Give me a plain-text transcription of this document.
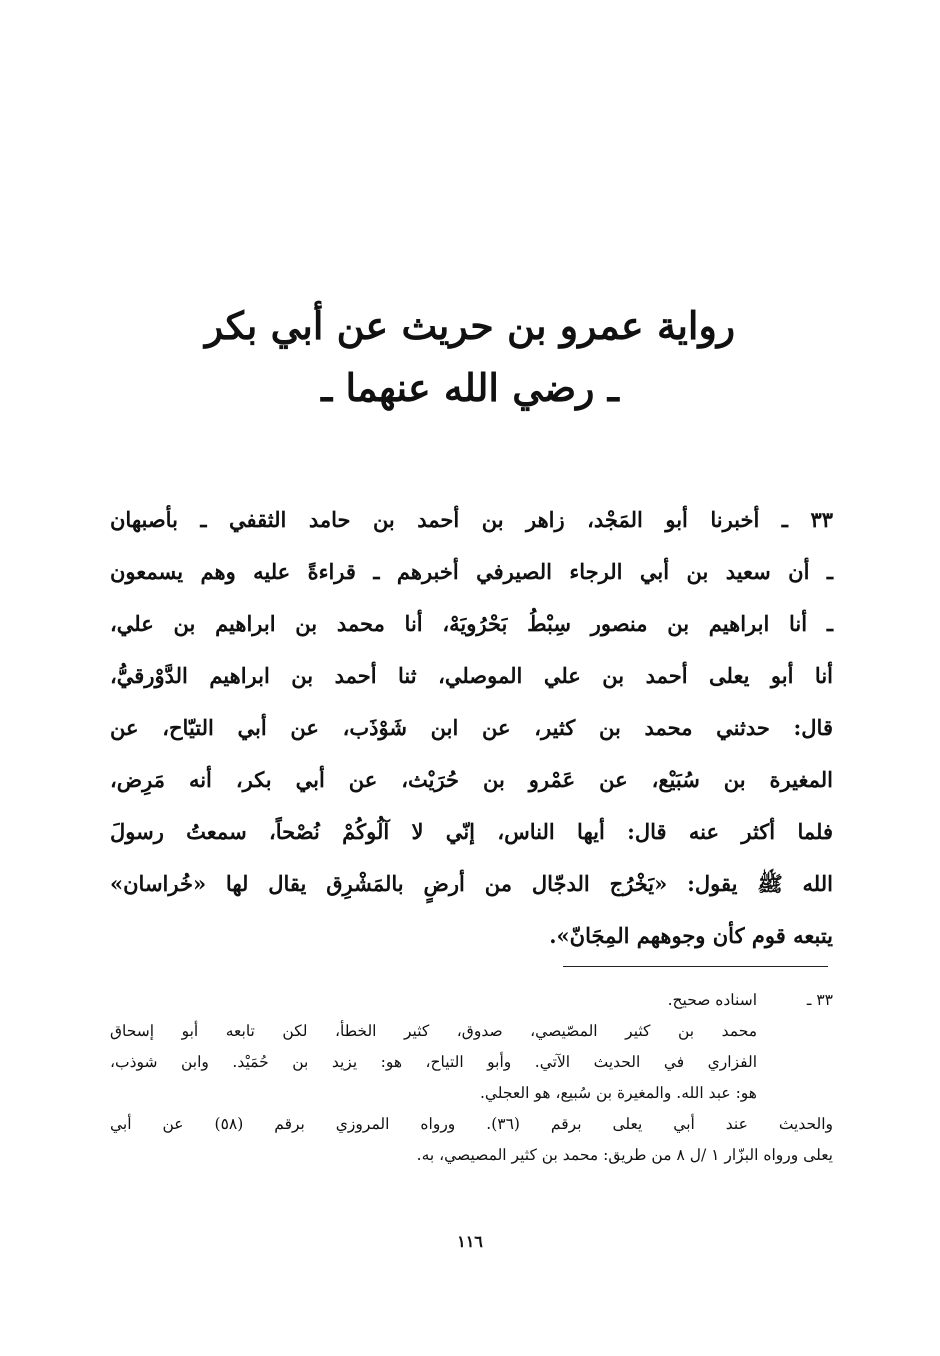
رواية عمرو بن حريث عن أبي بكر
ـ رضي الله عنهما ـ
٣٣ ـ أخبرنا أبو المَجْد، زاهر بن أحمد بن حامد الثقفي ـ بأصبهان
ـ أن سعيد بن أبي الرجاء الصيرفي أخبرهم ـ قراءةً عليه وهم يسمعون
ـ أنا ابراهيم بن منصور سِبْطُ بَحْرُويَهْ، أنا محمد بن ابراهيم بن علي،
أنا أبو يعلى أحمد بن علي الموصلي، ثنا أحمد بن ابراهيم الدَّوْرقيُّ،
قال: حدثني محمد بن كثير، عن ابن شَوْذَب، عن أبي التيّاح، عن
المغيرة بن سُبَيْع، عن عَمْرو بن حُرَيْث، عن أبي بكر، أنه مَرِض،
فلما أكثر عنه قال: أيها الناس، إنّي لا آلُوكُمْ نُصْحاً، سمعتُ رسولَ
الله ﷺ يقول: «يَخْرُج الدجّال من أرضٍ بالمَشْرِق يقال لها «خُراسان»
يتبعه قوم كأن وجوههم المِجَانّ».
٣٣ ـاسناده صحيح.
محمد بن كثير المصّيصي، صدوق، كثير الخطأ، لكن تابعه أبو إسحاق
الفزاري في الحديث الآتي. وأبو التياح، هو: يزيد بن حُمَيْد. وابن شوذب،
هو: عبد الله. والمغيرة بن سُبيع، هو العجلي.
والحديث عند أبي يعلى برقم (٣٦). ورواه المروزي برقم (٥٨) عن أبي
يعلى ورواه البزّار ١ /ل ٨ من طريق: محمد بن كثير المصيصي، به.
١١٦
